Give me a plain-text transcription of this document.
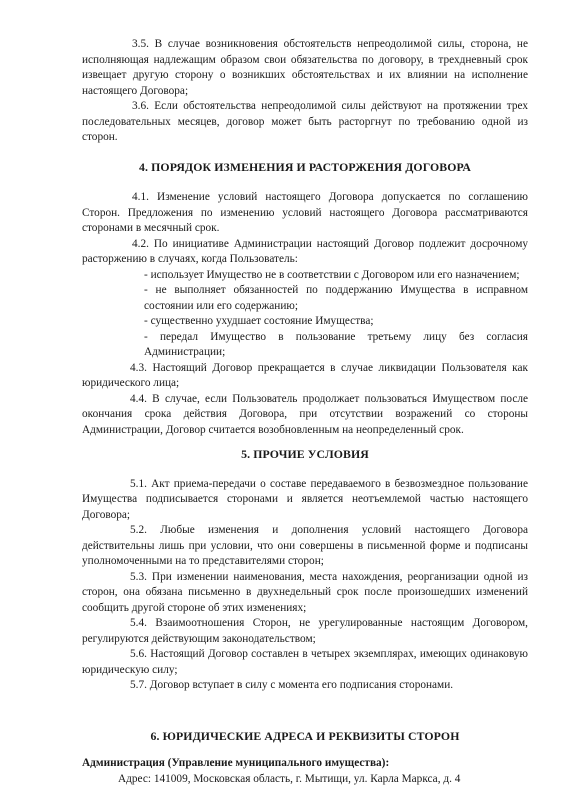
3.5. В случае возникновения обстоятельств непреодолимой силы, сторона, не исполняющая надлежащим образом свои обязательства по договору, в трехдневный срок извещает другую сторону о возникших обстоятельствах и их влиянии на исполнение настоящего Договора;

3.6. Если обстоятельства непреодолимой силы действуют на протяжении трех последовательных месяцев, договор может быть расторгнут по требованию одной из сторон.

4. ПОРЯДОК ИЗМЕНЕНИЯ И РАСТОРЖЕНИЯ ДОГОВОРА

4.1. Изменение условий настоящего Договора допускается по соглашению Сторон. Предложения по изменению условий настоящего Договора рассматриваются сторонами в месячный срок.

4.2. По инициативе Администрации настоящий Договор подлежит досрочному расторжению в случаях, когда Пользователь:

- использует Имущество не в соответствии с Договором или его назначением;

- не выполняет обязанностей по поддержанию Имущества в исправном состоянии или его содержанию;

- существенно ухудшает состояние Имущества;

- передал Имущество в пользование третьему лицу без согласия Администрации;

4.3. Настоящий Договор прекращается в случае ликвидации Пользователя как юридического лица;

4.4. В случае, если Пользователь продолжает пользоваться Имуществом после окончания срока действия Договора, при отсутствии возражений со стороны Администрации, Договор считается возобновленным на неопределенный срок.

5. ПРОЧИЕ УСЛОВИЯ

5.1. Акт приема-передачи о составе передаваемого в безвозмездное пользование Имущества подписывается сторонами и является неотъемлемой частью настоящего Договора;

5.2. Любые изменения и дополнения условий настоящего Договора действительны лишь при условии, что они совершены в письменной форме и подписаны уполномоченными на то представителями сторон;

5.3. При изменении наименования, места нахождения, реорганизации одной из сторон, она обязана письменно в двухнедельный срок после произошедших изменений сообщить другой стороне об этих изменениях;

5.4. Взаимоотношения Сторон, не урегулированные настоящим Договором, регулируются действующим законодательством;

5.6. Настоящий Договор составлен в четырех экземплярах, имеющих одинаковую юридическую силу;

5.7. Договор вступает в силу с момента его подписания сторонами.

6. ЮРИДИЧЕСКИЕ АДРЕСА И РЕКВИЗИТЫ СТОРОН

Администрация (Управление муниципального имущества):

Адрес: 141009, Московская область, г. Мытищи, ул. Карла Маркса, д. 4
